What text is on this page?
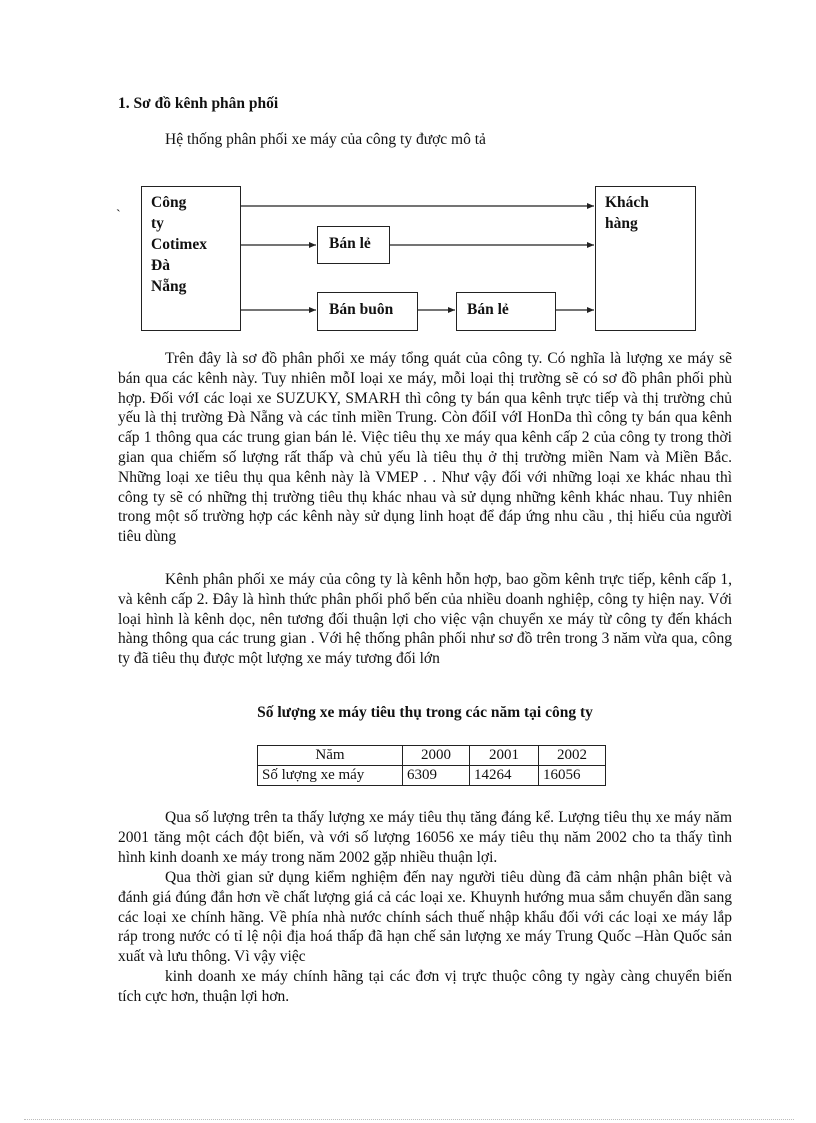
1. Sơ đồ kênh phân phối
Hệ thống phân phối xe máy của công ty được mô tả
`
Công
ty
Cotimex
Đà
Nẵng
Bán lẻ
Bán buôn	Bán lẻ
Khách
hàng

Trên đây là sơ đồ phân phối xe máy tổng quát của công ty. Có nghĩa là lượng xe máy sẽ bán qua các kênh này. Tuy nhiên mỗI loại xe máy, mỗi loại thị trường sẽ có sơ đồ phân phối phù hợp. Đối vớI các loại xe SUZUKY, SMARH thì công ty bán qua kênh trực tiếp và thị trường chủ yếu là thị trường Đà Nẵng và các tỉnh miền Trung. Còn đốiI vớI HonDa thì công ty bán qua kênh cấp 1 thông qua các trung gian bán lẻ. Việc tiêu thụ xe máy qua kênh cấp 2 của công ty trong thời gian qua chiếm số lượng rất thấp và chủ yếu là tiêu thụ ở thị trường miền Nam và Miền Bắc. Những loại xe tiêu thụ qua kênh này là VMEP . . Như vậy đối với những loại xe khác nhau thì công ty sẽ có những thị trường tiêu thụ khác nhau và sử dụng những kênh khác nhau. Tuy nhiên trong một số trường hợp các kênh này sử dụng linh hoạt để đáp ứng nhu cầu , thị hiếu của người tiêu dùng

Kênh phân phối xe máy của công ty là kênh hỗn hợp, bao gồm kênh trực tiếp, kênh cấp 1, và kênh cấp 2. Đây là hình thức phân phối phổ bến của nhiều doanh nghiệp, công ty hiện nay. Với loại hình là kênh dọc, nên tương đối thuận lợi cho việc vận chuyển xe máy từ công ty đến khách hàng thông qua các trung gian . Với hệ thống phân phối như sơ đồ trên trong 3 năm vừa qua, công ty đã tiêu thụ được một lượng xe máy tương đối lớn

Số lượng xe máy tiêu thụ trong các năm tại công ty
Năm	2000	2001	2002
Số lượng xe máy	6309	14264	16056

Qua số lượng trên ta thấy lượng xe máy tiêu thụ tăng đáng kể. Lượng tiêu thụ xe máy năm 2001 tăng một cách đột biến, và với số lượng 16056 xe máy tiêu thụ năm 2002 cho ta thấy tình hình kinh doanh xe máy trong năm 2002 gặp nhiều thuận lợi.

Qua thời gian sử dụng kiểm nghiệm đến nay người tiêu dùng đã cảm nhận phân biệt và đánh giá đúng đắn hơn về chất lượng giá cả các loại xe. Khuynh hướng mua sắm chuyển dần sang các loại xe chính hãng. Về phía nhà nước chính sách thuế nhập khẩu đối với các loại xe máy lắp ráp trong nước có tỉ lệ nội địa hoá thấp đã hạn chế sản lượng xe máy Trung Quốc –Hàn Quốc sản xuất và lưu thông. Vì vậy việc

kinh doanh xe máy chính hãng tại các đơn vị trực thuộc công ty ngày càng chuyển biến tích cực hơn, thuận lợi hơn.
